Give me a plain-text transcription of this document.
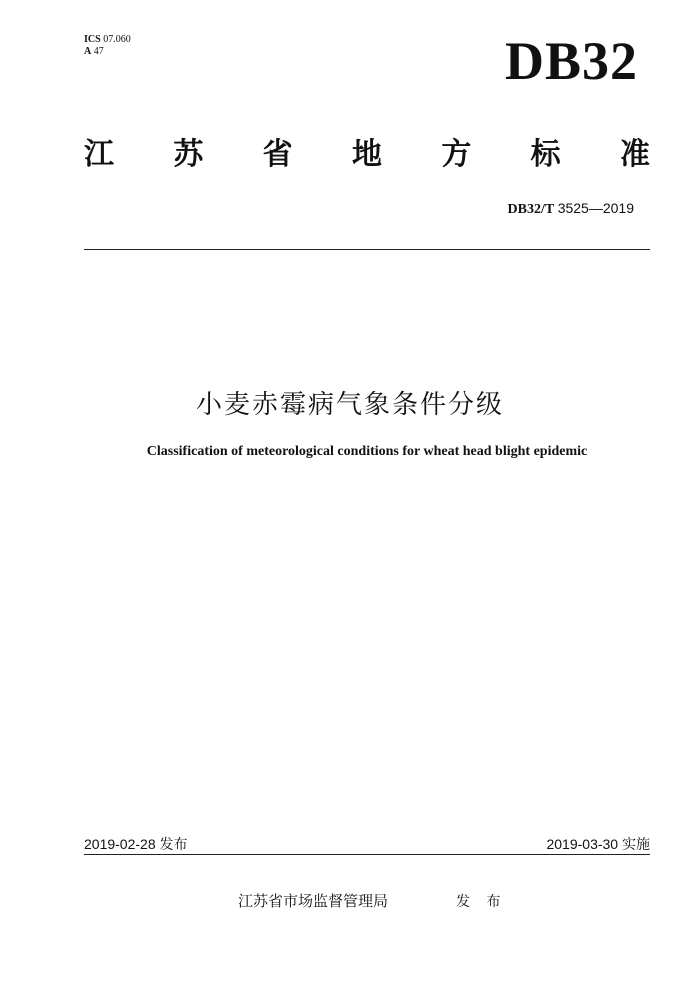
ICS 07.060
A 47	DB32
江 苏 省 地 方 标 准
DB32/T 3525—2019
小麦赤霉病气象条件分级
Classification of meteorological conditions for wheat head blight epidemic
2019-02-28 发布	2019-03-30 实施
江苏省市场监督管理局	发 布
